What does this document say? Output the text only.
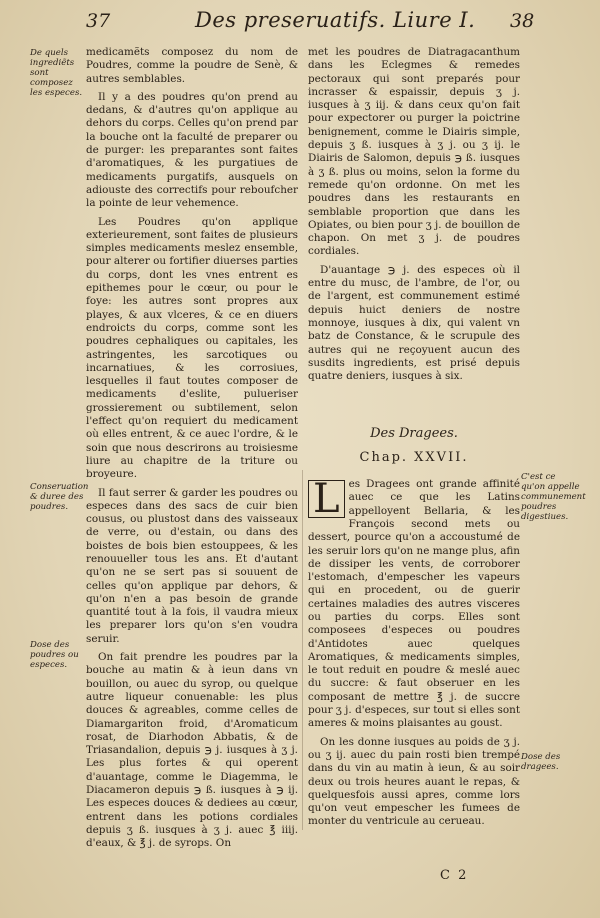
37	Des preseruatifs. Liure I. 38
De quels ingrediẽts sont composez les especes.
Conseruation & duree des poudres.
Dose des poudres ou especes.
C'est ce qu'on appelle communement poudres digestiues.
Dose des dragees.

medicamẽts composez du nom de Poudres, comme la poudre de Senè, & autres semblables.

Il y a des poudres qu'on prend au dedans, & d'autres qu'on applique au dehors du corps. Celles qu'on prend par la bouche ont la faculté de preparer ou de purger: les preparantes sont faites d'aromatiques, & les purgatiues de medicaments purgatifs, ausquels on adiouste des correctifs pour reboufcher la pointe de leur vehemence.

Les Poudres qu'on applique exterieurement, sont faites de plusieurs simples medicaments meslez ensemble, pour alterer ou fortifier diuerses parties du corps, dont les vnes entrent es epithemes pour le cœur, ou pour le foye: les autres sont propres aux playes, & aux vlceres, & ce en diuers endroicts du corps, comme sont les poudres cephaliques ou capitales, les astringentes, les sarcotiques ou incarnatiues, & les corrosiues, lesquelles il faut toutes composer de medicaments d'eslite, pulueriser grossierement ou subtilement, selon l'effect qu'on requiert du medicament où elles entrent, & ce auec l'ordre, & le soin que nous descrirons au troisiesme liure au chapitre de la triture ou broyeure.

Il faut serrer & garder les poudres ou especes dans des sacs de cuir bien cousus, ou plustost dans des vaisseaux de verre, ou d'estain, ou dans des boistes de bois bien estouppees, & les renouueller tous les ans. Et d'autant qu'on ne se sert pas si souuent de celles qu'on applique par dehors, & qu'on n'en a pas besoin de grande quantité tout à la fois, il vaudra mieux les preparer lors qu'on s'en voudra seruir.

On fait prendre les poudres par la bouche au matin & à ieun dans vn bouillon, ou auec du syrop, ou quelque autre liqueur conuenable: les plus douces & agreables, comme celles de Diamargariton froid, d'Aromaticum rosat, de Diarhodon Abbatis, & de Triasandalion, depuis ℈ j. iusques à ʒ j. Les plus fortes & qui operent d'auantage, comme le Diagemma, le Diacameron depuis ℈ ß. iusques à ℈ ij. Les especes douces & dediees au cœur, entrent dans les potions cordiales depuis ʒ ß. iusques à ʒ j. auec ℥ iiij. d'eaux, & ℥ j. de syrops. On

met les poudres de Diatragacanthum dans les Eclegmes & remedes pectoraux qui sont preparés pour incrasser & espaissir, depuis ʒ j. iusques à ʒ iij. & dans ceux qu'on fait pour expectorer ou purger la poictrine benignement, comme le Diairis simple, depuis ʒ ß. iusques à ʒ j. ou ʒ ij. le Diairis de Salomon, depuis ℈ ß. iusques à ʒ ß. plus ou moins, selon la forme du remede qu'on ordonne. On met les poudres dans les restaurants en semblable proportion que dans les Opiates, ou bien pour ʒ j. de bouillon de chapon. On met ʒ j. de poudres cordiales.

D'auantage ℈ j. des especes où il entre du musc, de l'ambre, de l'or, ou de l'argent, est communement estimé depuis huict deniers de nostre monnoye, iusques à dix, qui valent vn batz de Constance, & le scrupule des autres qui ne reçoyuent aucun des susdits ingredients, est prisé depuis quatre deniers, iusques à six.

Des Dragees.
Chap. XXVII.

L es Dragees ont grande affinité auec ce que les Latins appelloyent Bellaria, & les François second mets ou dessert, pource qu'on a accoustumé de les seruir lors qu'on ne mange plus, afin de dissiper les vents, de corroborer l'estomach, d'empescher les vapeurs qui en procedent, ou de guerir certaines maladies des autres visceres ou parties du corps. Elles sont composees d'especes ou poudres d'Antidotes auec quelques Aromatiques, & medicaments simples, le tout reduit en poudre & meslé auec du succre: & faut obseruer en les composant de mettre ℥ j. de succre pour ʒ j. d'especes, sur tout si elles sont ameres & moins plaisantes au goust.

On les donne iusques au poids de ʒ j. ou ʒ ij. auec du pain rosti bien trempé dans du vin au matin à ieun, & au soir deux ou trois heures auant le repas, & quelquesfois aussi apres, comme lors qu'on veut empescher les fumees de monter du ventricule au cerueau.

C 2
